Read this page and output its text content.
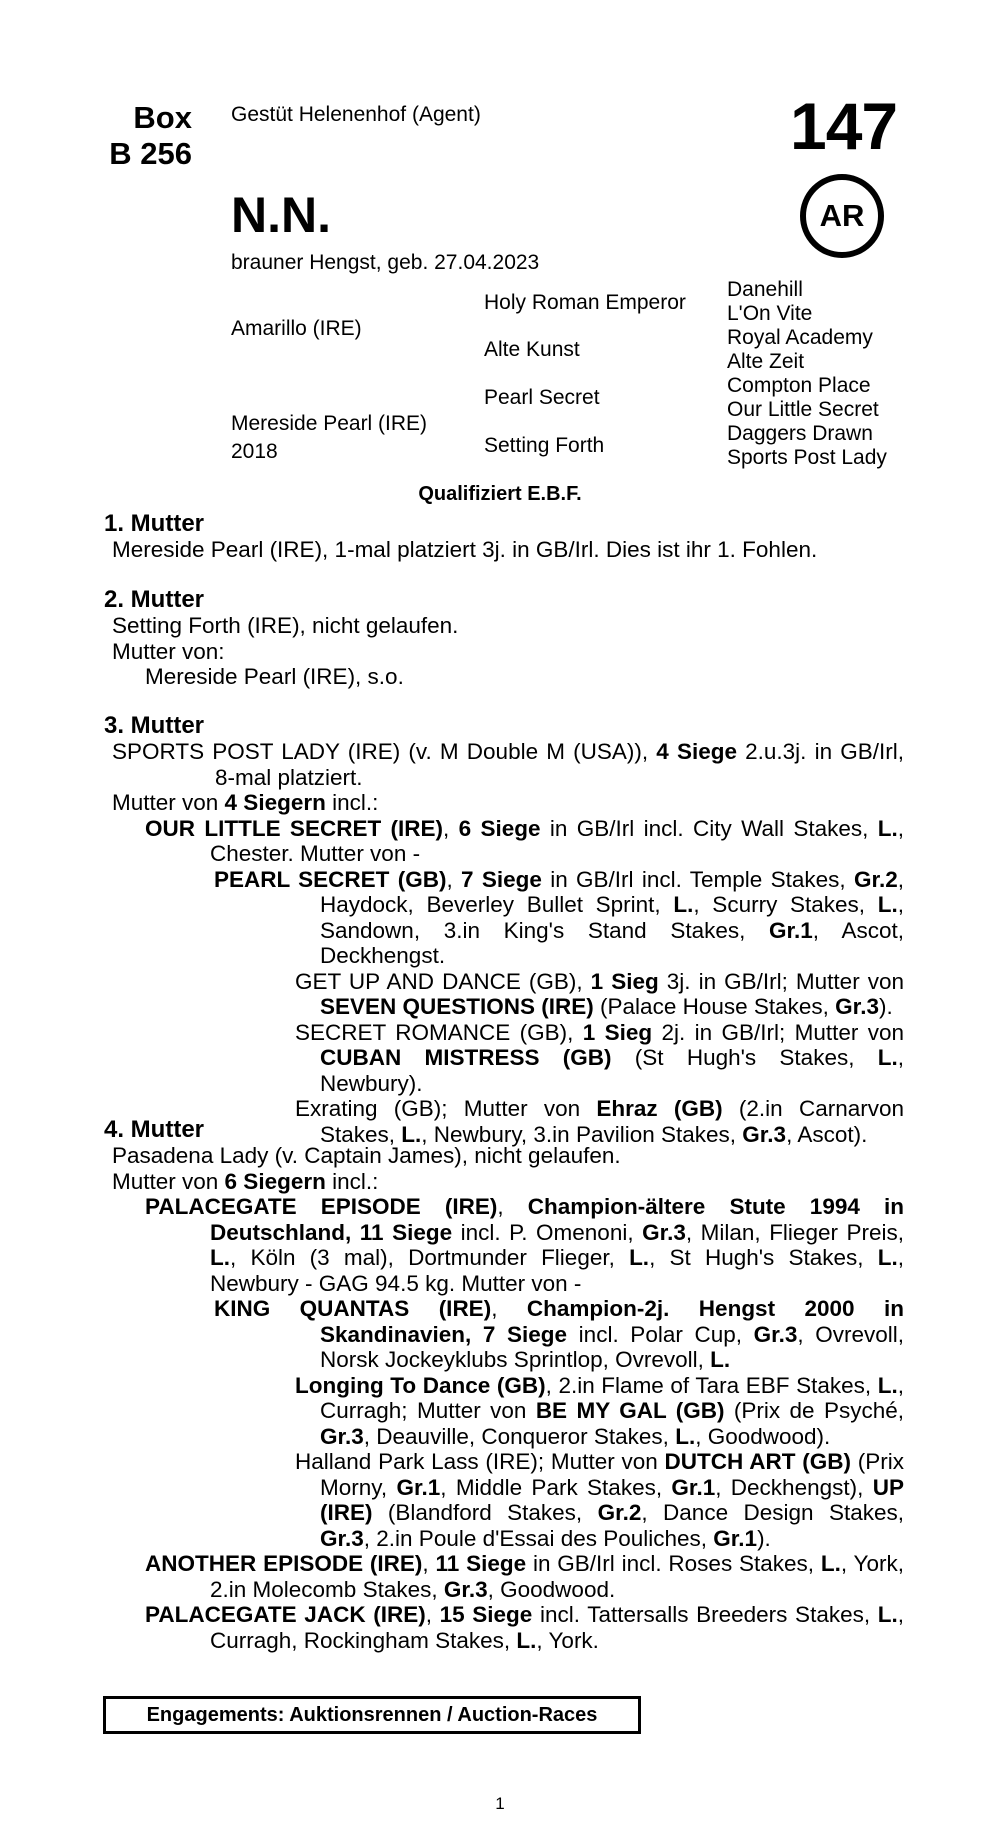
Box
B 256
Gestüt Helenenhof (Agent)	147
AR
N.N.
brauner Hengst, geb. 27.04.2023
Amarillo (IRE)
Mereside Pearl (IRE)
2018
Holy Roman Emperor
Alte Kunst
Pearl Secret
Setting Forth
Danehill
L'On Vite
Royal Academy
Alte Zeit
Compton Place
Our Little Secret
Daggers Drawn
Sports Post Lady
Qualifiziert E.B.F.
1. Mutter

Mereside Pearl (IRE), 1-mal platziert 3j. in GB/Irl. Dies ist ihr 1. Fohlen.

2. Mutter

Setting Forth (IRE), nicht gelaufen.

Mutter von:

Mereside Pearl (IRE), s.o.

3. Mutter

SPORTS POST LADY (IRE) (v. M Double M (USA)), 4 Siege 2.u.3j. in GB/Irl, 8-mal platziert.

Mutter von 4 Siegern incl.:

OUR LITTLE SECRET (IRE), 6 Siege in GB/Irl incl. City Wall Stakes, L., Chester. Mutter von -

PEARL SECRET (GB), 7 Siege in GB/Irl incl. Temple Stakes, Gr.2, Haydock, Beverley Bullet Sprint, L., Scurry Stakes, L., Sandown, 3.in King's Stand Stakes, Gr.1, Ascot, Deckhengst.

GET UP AND DANCE (GB), 1 Sieg 3j. in GB/Irl; Mutter von SEVEN QUESTIONS (IRE) (Palace House Stakes, Gr.3).

SECRET ROMANCE (GB), 1 Sieg 2j. in GB/Irl; Mutter von CUBAN MISTRESS (GB) (St Hugh's Stakes, L., Newbury).

Exrating (GB); Mutter von Ehraz (GB) (2.in Carnarvon Stakes, L., Newbury, 3.in Pavilion Stakes, Gr.3, Ascot).

4. Mutter

Pasadena Lady (v. Captain James), nicht gelaufen.

Mutter von 6 Siegern incl.:

PALACEGATE EPISODE (IRE), Champion-ältere Stute 1994 in Deutschland, 11 Siege incl. P. Omenoni, Gr.3, Milan, Flieger Preis, L., Köln (3 mal), Dortmunder Flieger, L., St Hugh's Stakes, L., Newbury - GAG 94.5 kg. Mutter von -

KING QUANTAS (IRE), Champion-2j. Hengst 2000 in Skandinavien, 7 Siege incl. Polar Cup, Gr.3, Ovrevoll, Norsk Jockeyklubs Sprintlop, Ovrevoll, L.

Longing To Dance (GB), 2.in Flame of Tara EBF Stakes, L., Curragh; Mutter von BE MY GAL (GB) (Prix de Psyché, Gr.3, Deauville, Conqueror Stakes, L., Goodwood).

Halland Park Lass (IRE); Mutter von DUTCH ART (GB) (Prix Morny, Gr.1, Middle Park Stakes, Gr.1, Deckhengst), UP (IRE) (Blandford Stakes, Gr.2, Dance Design Stakes, Gr.3, 2.in Poule d'Essai des Pouliches, Gr.1).

ANOTHER EPISODE (IRE), 11 Siege in GB/Irl incl. Roses Stakes, L., York, 2.in Molecomb Stakes, Gr.3, Goodwood.

PALACEGATE JACK (IRE), 15 Siege incl. Tattersalls Breeders Stakes, L., Curragh, Rockingham Stakes, L., York.

Engagements: Auktionsrennen / Auction-Races
1
